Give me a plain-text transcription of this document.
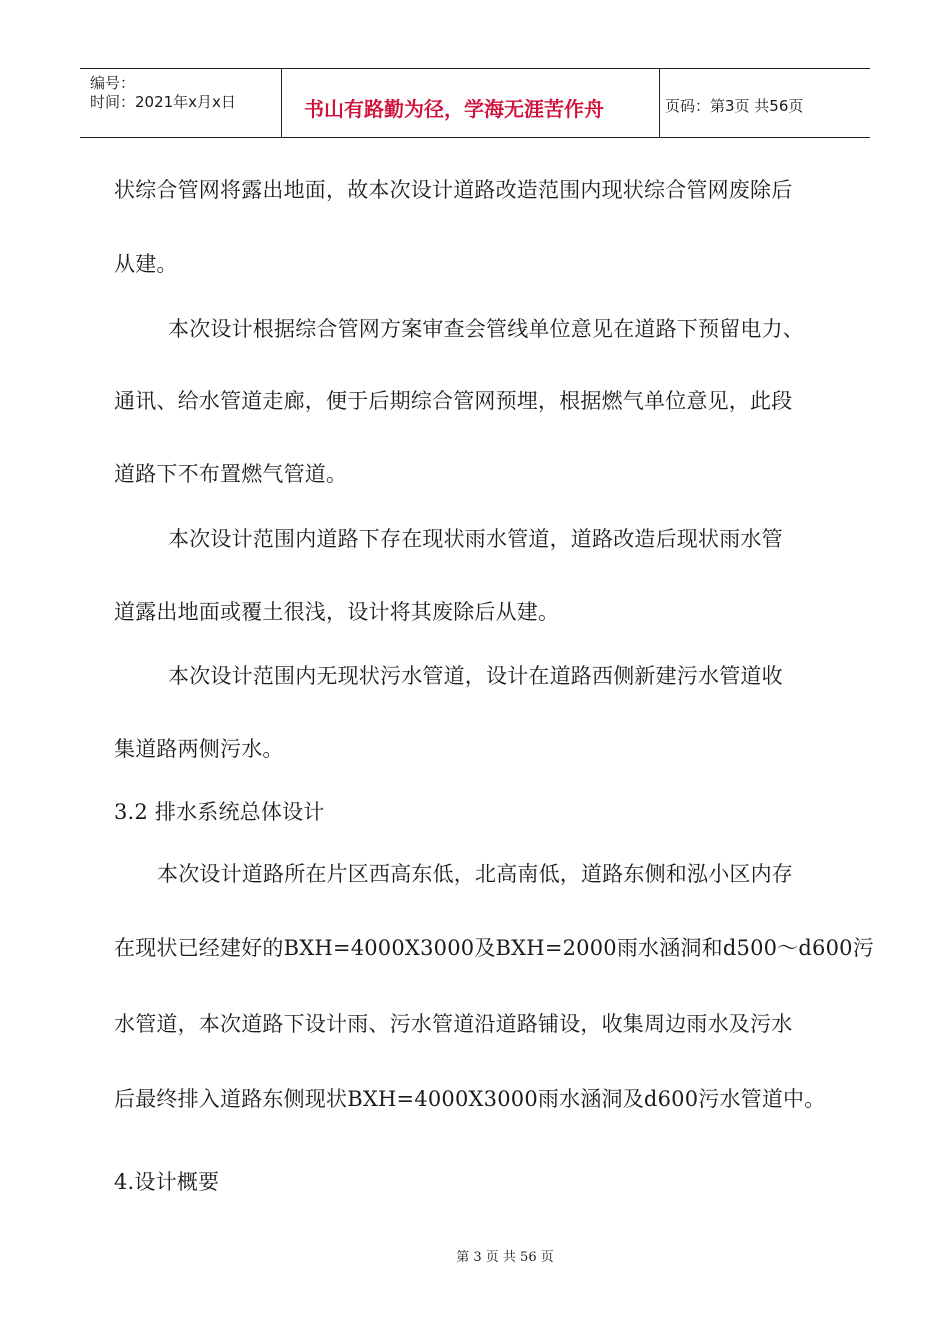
编号：
时间：2021年x月x日	书山有路勤为径，学海无涯苦作舟	页码：第3页 共56页
状综合管网将露出地面，故本次设计道路改造范围内现状综合管网废除后
从建。
本次设计根据综合管网方案审查会管线单位意见在道路下预留电力、
通讯、给水管道走廊，便于后期综合管网预埋，根据燃气单位意见，此段
道路下不布置燃气管道。
本次设计范围内道路下存在现状雨水管道，道路改造后现状雨水管
道露出地面或覆土很浅，设计将其废除后从建。
本次设计范围内无现状污水管道，设计在道路西侧新建污水管道收
集道路两侧污水。
3.2 排水系统总体设计
本次设计道路所在片区西高东低，北高南低，道路东侧和泓小区内存
在现状已经建好的BXH=4000X3000及BXH=2000雨水涵洞和d500～d600污
水管道，本次道路下设计雨、污水管道沿道路铺设，收集周边雨水及污水
后最终排入道路东侧现状BXH=4000X3000雨水涵洞及d600污水管道中。
4.设计概要
第 3 页 共 56 页
